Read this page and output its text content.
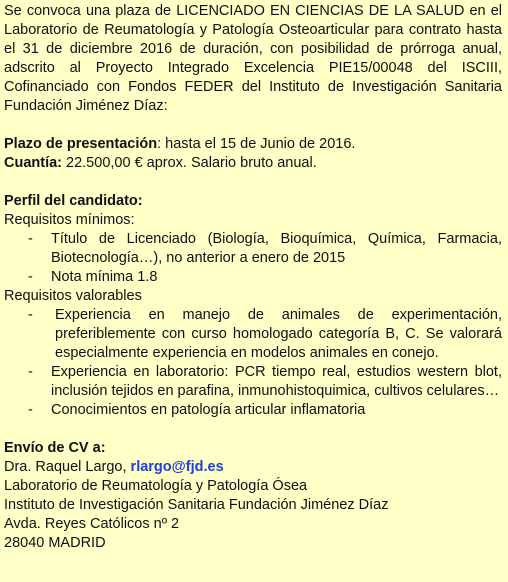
Se convoca una plaza de LICENCIADO EN CIENCIAS DE LA SALUD en el Laboratorio de Reumatología y Patología Osteoarticular para contrato hasta el 31 de diciembre 2016 de duración, con posibilidad de prórroga anual, adscrito al Proyecto Integrado Excelencia PIE15/00048 del ISCIII, Cofinanciado con Fondos FEDER del Instituto de Investigación Sanitaria Fundación Jiménez Díaz:

Plazo de presentación: hasta el 15 de Junio de 2016.

Cuantía: 22.500,00 € aprox. Salario bruto anual.

Perfil del candidato:

Requisitos mínimos:

- Título de Licenciado (Biología, Bioquímica, Química, Farmacia, Biotecnología…), no anterior a enero de 2015
- Nota mínima 1.8

Requisitos valorables

- Experiencia en manejo de animales de experimentación, preferiblemente con curso homologado categoría B, C. Se valorará especialmente experiencia en modelos animales en conejo.
- Experiencia en laboratorio: PCR tiempo real, estudios western blot, inclusión tejidos en parafina, inmunohistoquimica, cultivos celulares…
- Conocimientos en patología articular inflamatoria

Envío de CV a:

Dra. Raquel Largo, rlargo@fjd.es

Laboratorio de Reumatología y Patología Ósea

Instituto de Investigación Sanitaria Fundación Jiménez Díaz

Avda. Reyes Católicos nº 2

28040 MADRID
